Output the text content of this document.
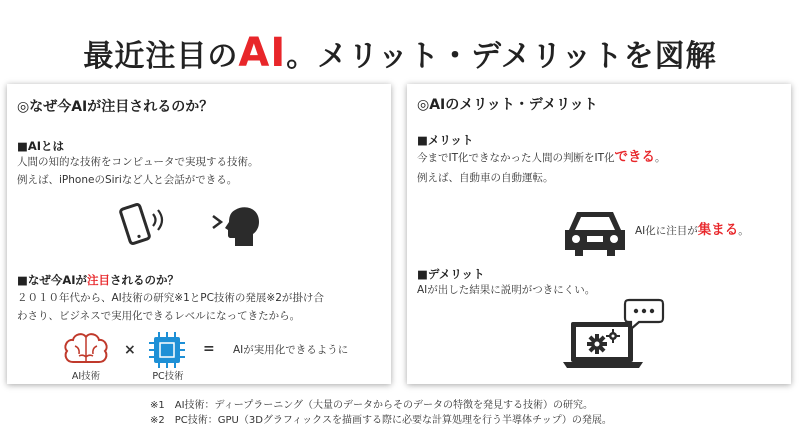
最近注目のAI。メリット・デメリットを図解
◎なぜ今AIが注目されるのか？
■AIとは
人間の知的な技術をコンピュータで実現する技術。
例えば、iPhoneのSiriなど人と会話ができる。
■なぜ今AIが注目されるのか？
２０１０年代から、AI技術の研究※1とPC技術の発展※2が掛け合
わさり、ビジネスで実用化できるレベルになってきたから。
AI技術
×
PC技術
= AIが実用化できるように
◎AIのメリット・デメリット
■メリット
今までIT化できなかった人間の判断をIT化できる。
例えば、自動車の自動運転。
AI化に注目が集まる。
■デメリット
AIが出した結果に説明がつきにくい。
※1　AI技術：ディープラーニング（大量のデータからそのデータの特徴を発見する技術）の研究。
※2　PC技術：GPU（3Dグラフィックスを描画する際に必要な計算処理を行う半導体チップ）の発展。
